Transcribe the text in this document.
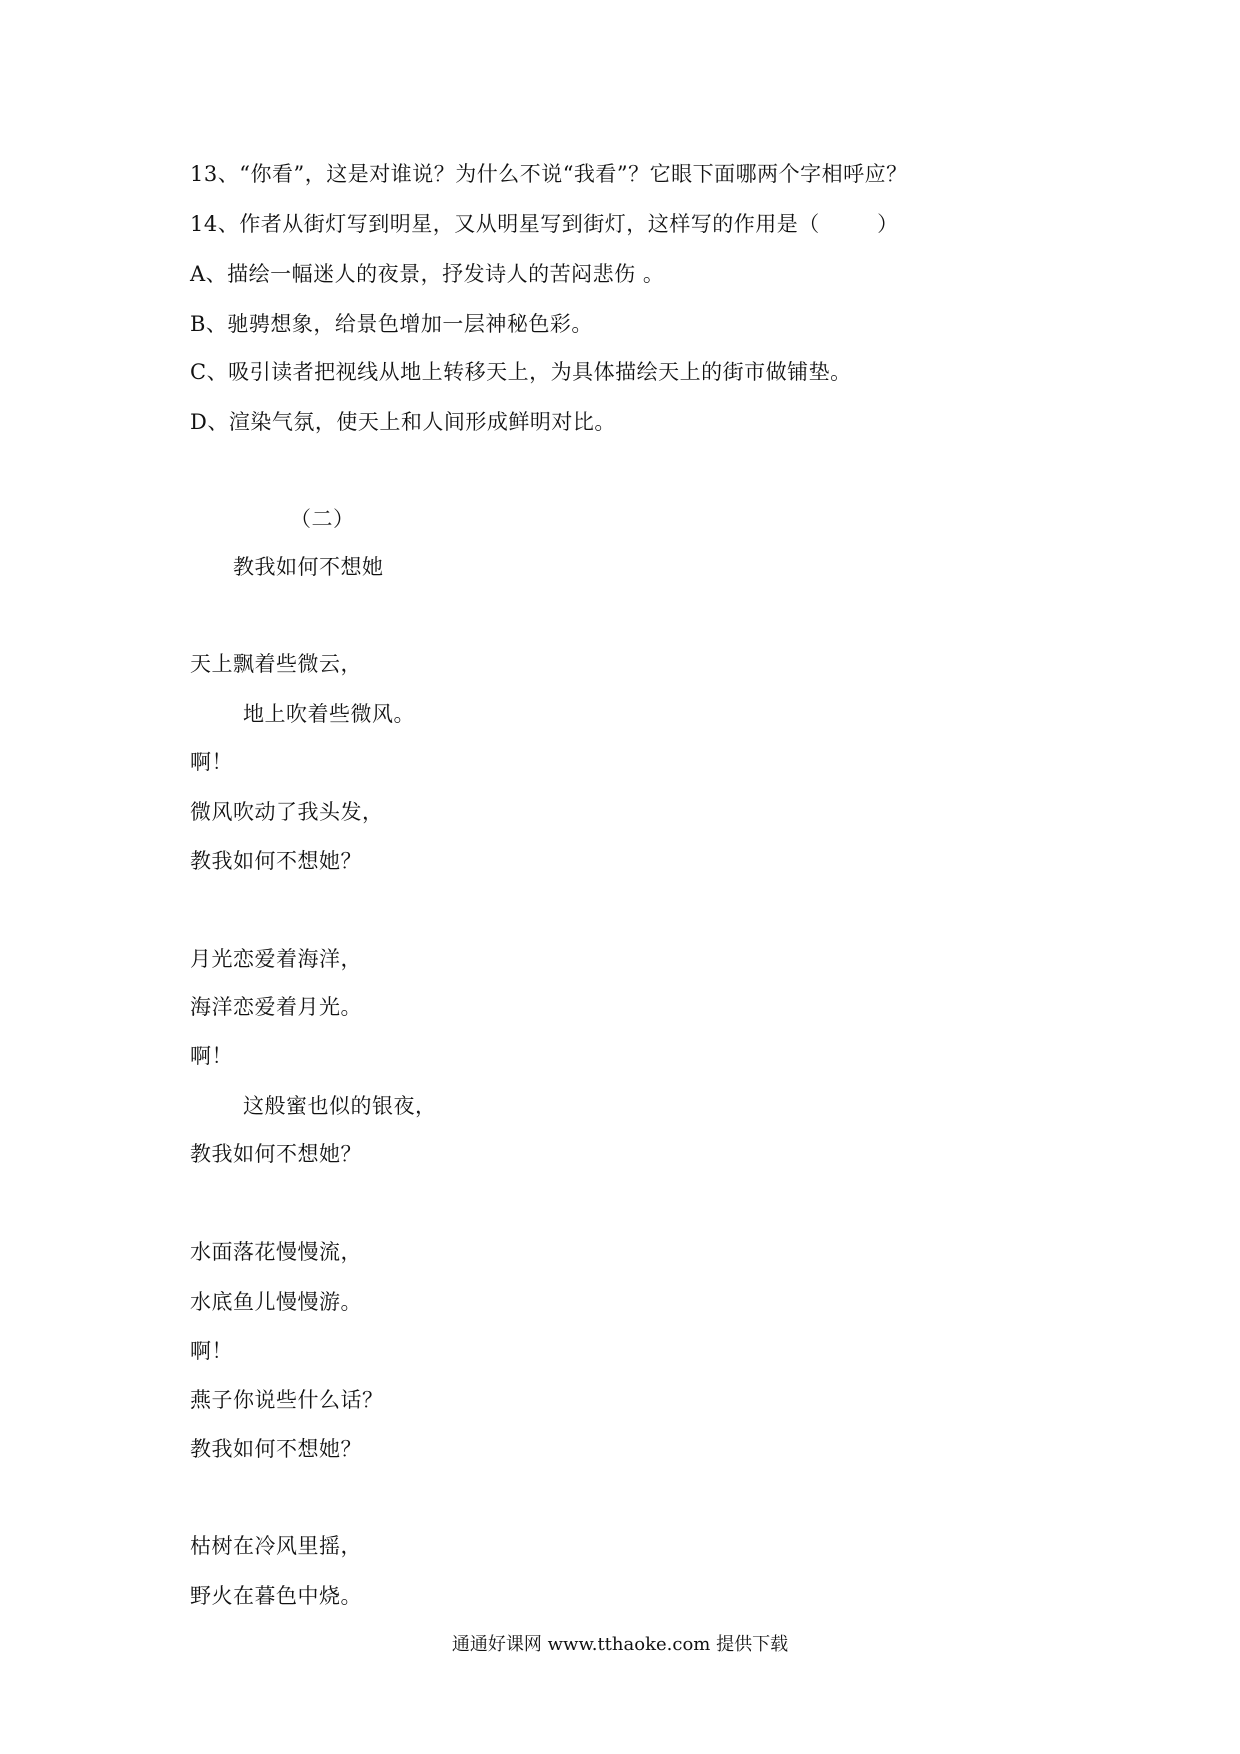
13、“你看”，这是对谁说？为什么不说“我看”？它眼下面哪两个字相呼应？
14、作者从街灯写到明星，又从明星写到街灯，这样写的作用是（        ）
A、描绘一幅迷人的夜景，抒发诗人的苦闷悲伤 。
B、驰骋想象，给景色增加一层神秘色彩。
C、吸引读者把视线从地上转移天上，为具体描绘天上的街市做铺垫。
D、渲染气氛，使天上和人间形成鲜明对比。
（二）
教我如何不想她
天上飘着些微云，
地上吹着些微风。
啊！
微风吹动了我头发，
教我如何不想她？
月光恋爱着海洋，
海洋恋爱着月光。
啊！
这般蜜也似的银夜，
教我如何不想她？
水面落花慢慢流，
水底鱼儿慢慢游。
啊！
燕子你说些什么话？
教我如何不想她？
枯树在冷风里摇，
野火在暮色中烧。
通通好课网 www.tthaoke.com 提供下载
